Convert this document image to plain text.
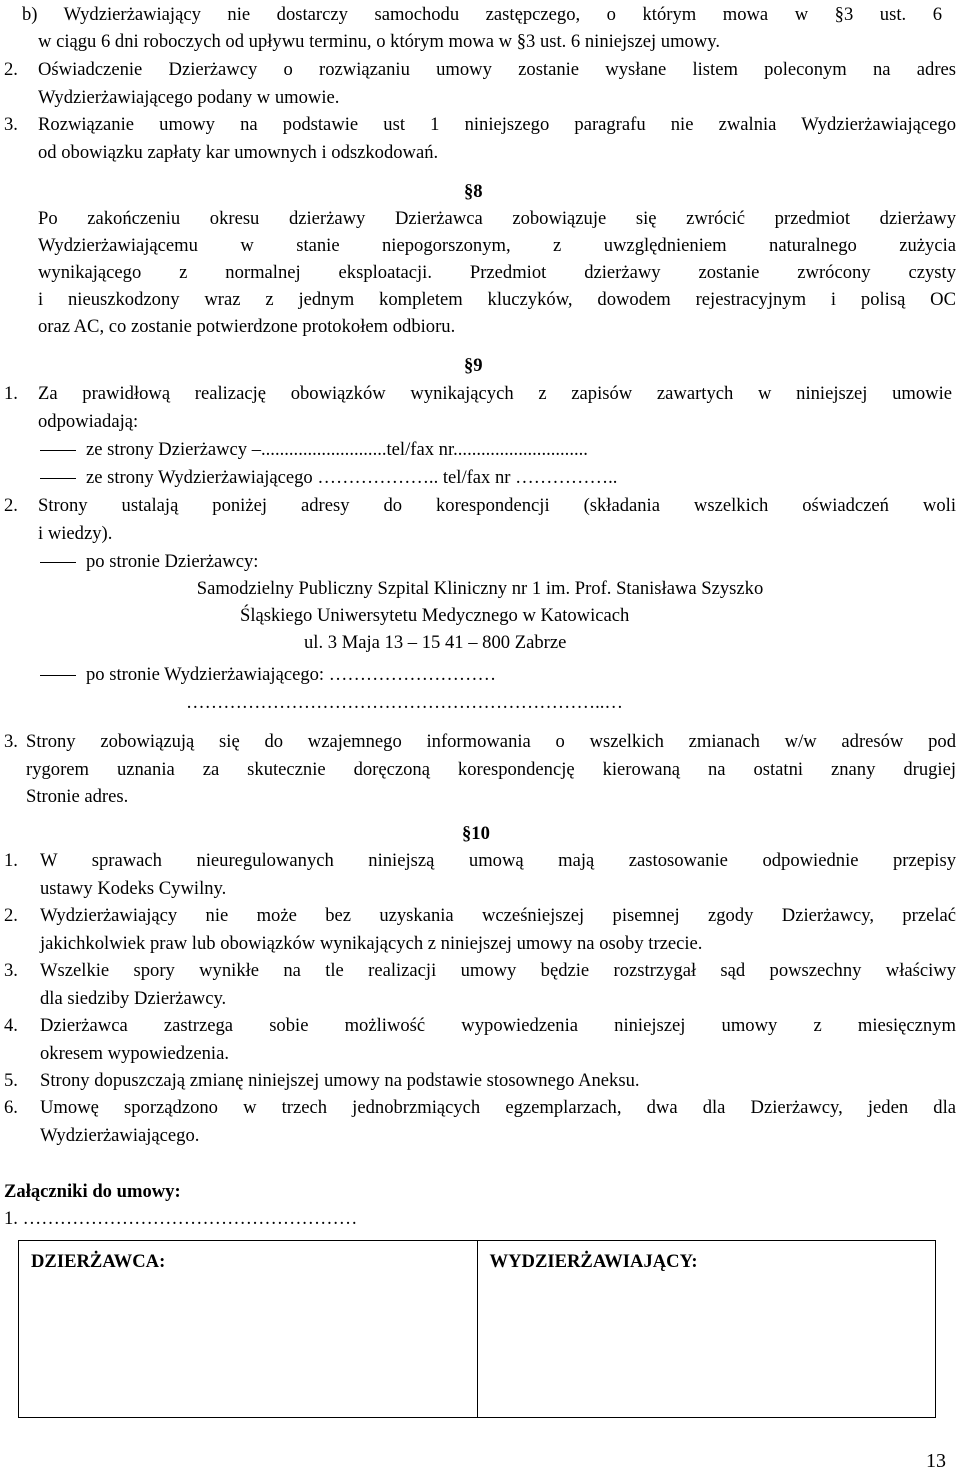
b) Wydzierżawiający nie dostarczy samochodu zastępczego, o którym mowa w §3 ust. 6
w ciągu 6 dni roboczych od upływu terminu, o którym mowa w §3 ust. 6 niniejszej umowy.
2. Oświadczenie Dzierżawcy o rozwiązaniu umowy zostanie wysłane listem poleconym na adres
Wydzierżawiającego podany w umowie.
3. Rozwiązanie umowy na podstawie ust 1 niniejszego paragrafu nie zwalnia Wydzierżawiającego
od obowiązku zapłaty kar umownych i odszkodowań.
§8
Po zakończeniu okresu dzierżawy Dzierżawca zobowiązuje się zwrócić przedmiot dzierżawy
Wydzierżawiającemu w stanie niepogorszonym, z uwzględnieniem naturalnego zużycia
wynikającego z normalnej eksploatacji. Przedmiot dzierżawy zostanie zwrócony czysty
i nieuszkodzony wraz z jednym kompletem kluczyków, dowodem rejestracyjnym i polisą OC
oraz AC, co zostanie potwierdzone protokołem odbioru.
§9
1. Za prawidłową realizację obowiązków wynikających z zapisów zawartych w niniejszej umowie
odpowiadają:
ze strony Dzierżawcy –...........................tel/fax nr.............................
ze strony Wydzierżawiającego ……………….. tel/fax nr ……………..
2. Strony ustalają poniżej adresy do korespondencji (składania wszelkich oświadczeń woli
i wiedzy).
po stronie Dzierżawcy:
Samodzielny Publiczny Szpital Kliniczny nr 1 im. Prof. Stanisława Szyszko
Śląskiego Uniwersytetu Medycznego w Katowicach
ul. 3 Maja 13 – 15 41 – 800 Zabrze
po stronie Wydzierżawiającego: ………………………
…………………………………………………………..…
3. Strony zobowiązują się do wzajemnego informowania o wszelkich zmianach w/w adresów pod
rygorem uznania za skutecznie doręczoną korespondencję kierowaną na ostatni znany drugiej
Stronie adres.
§10
1. W sprawach nieuregulowanych niniejszą umową mają zastosowanie odpowiednie przepisy
ustawy Kodeks Cywilny.
2. Wydzierżawiający nie może bez uzyskania wcześniejszej pisemnej zgody Dzierżawcy, przelać
jakichkolwiek praw lub obowiązków wynikających z niniejszej umowy na osoby trzecie.
3. Wszelkie spory wynikłe na tle realizacji umowy będzie rozstrzygał sąd powszechny właściwy
dla siedziby Dzierżawcy.
4. Dzierżawca zastrzega sobie możliwość wypowiedzenia niniejszej umowy z miesięcznym
okresem wypowiedzenia.
5. Strony dopuszczają zmianę niniejszej umowy na podstawie stosownego Aneksu.
6. Umowę sporządzono w trzech jednobrzmiących egzemplarzach, dwa dla Dzierżawcy, jeden dla
Wydzierżawiającego.
Załączniki do umowy:
1. ………………………………………………
DZIERŻAWCA:	WYDZIERŻAWIAJĄCY:
13
